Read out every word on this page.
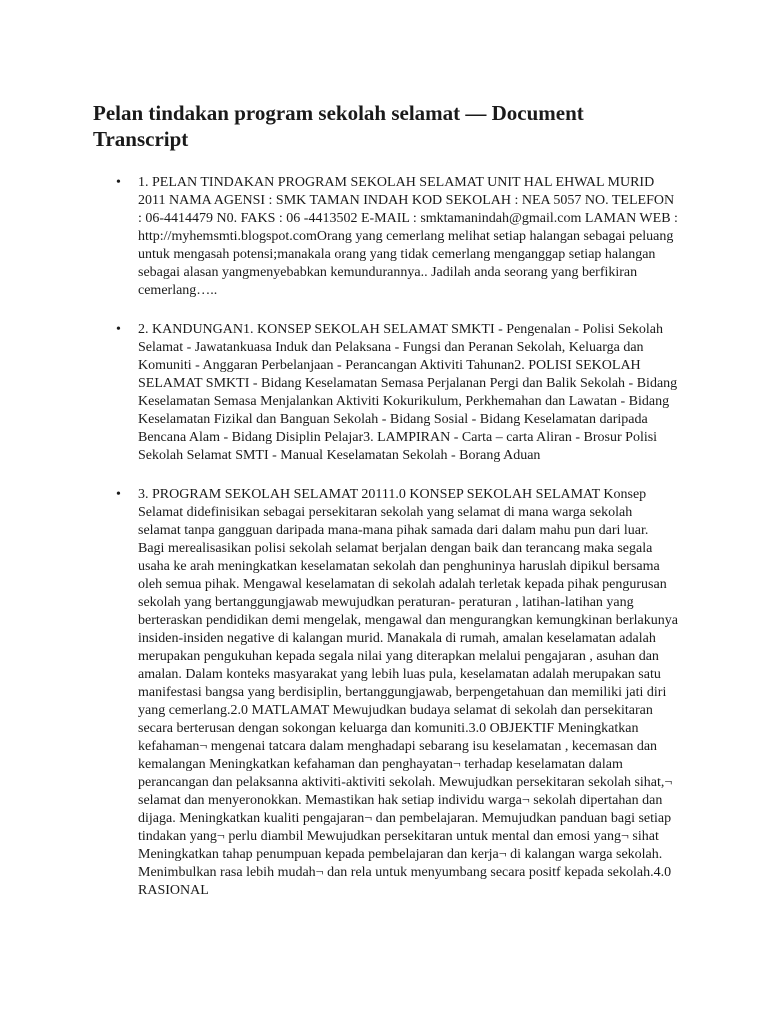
Pelan tindakan program sekolah selamat — Document Transcript
• 1. PELAN TINDAKAN PROGRAM SEKOLAH SELAMAT UNIT HAL EHWAL MURID 2011 NAMA AGENSI : SMK TAMAN INDAH KOD SEKOLAH : NEA 5057 NO. TELEFON : 06-4414479 N0. FAKS : 06 -4413502 E-MAIL : smktamanindah@gmail.com LAMAN WEB : http://myhemsmti.blogspot.comOrang yang cemerlang melihat setiap halangan sebagai peluang untuk mengasah potensi;manakala orang yang tidak cemerlang menganggap setiap halangan sebagai alasan yangmenyebabkan kemundurannya.. Jadilah anda seorang yang berfikiran cemerlang…..
• 2. KANDUNGAN1. KONSEP SEKOLAH SELAMAT SMKTI - Pengenalan - Polisi Sekolah Selamat - Jawatankuasa Induk dan Pelaksana - Fungsi dan Peranan Sekolah, Keluarga dan Komuniti - Anggaran Perbelanjaan - Perancangan Aktiviti Tahunan2. POLISI SEKOLAH SELAMAT SMKTI - Bidang Keselamatan Semasa Perjalanan Pergi dan Balik Sekolah - Bidang Keselamatan Semasa Menjalankan Aktiviti Kokurikulum, Perkhemahan dan Lawatan - Bidang Keselamatan Fizikal dan Banguan Sekolah - Bidang Sosial - Bidang Keselamatan daripada Bencana Alam - Bidang Disiplin Pelajar3. LAMPIRAN - Carta – carta Aliran - Brosur Polisi Sekolah Selamat SMTI - Manual Keselamatan Sekolah - Borang Aduan
• 3. PROGRAM SEKOLAH SELAMAT 20111.0 KONSEP SEKOLAH SELAMAT Konsep Selamat didefinisikan sebagai persekitaran sekolah yang selamat di mana warga sekolah selamat tanpa gangguan daripada mana-mana pihak samada dari dalam mahu pun dari luar. Bagi merealisasikan polisi sekolah selamat berjalan dengan baik dan terancang maka segala usaha ke arah meningkatkan keselamatan sekolah dan penghuninya haruslah dipikul bersama oleh semua pihak. Mengawal keselamatan di sekolah adalah terletak kepada pihak pengurusan sekolah yang bertanggungjawab mewujudkan peraturan- peraturan , latihan-latihan yang berteraskan pendidikan demi mengelak, mengawal dan mengurangkan kemungkinan berlakunya insiden-insiden negative di kalangan murid. Manakala di rumah, amalan keselamatan adalah merupakan pengukuhan kepada segala nilai yang diterapkan melalui pengajaran , asuhan dan amalan. Dalam konteks masyarakat yang lebih luas pula, keselamatan adalah merupakan satu manifestasi bangsa yang berdisiplin, bertanggungjawab, berpengetahuan dan memiliki jati diri yang cemerlang.2.0 MATLAMAT Mewujudkan budaya selamat di sekolah dan persekitaran secara berterusan dengan sokongan keluarga dan komuniti.3.0 OBJEKTIF Meningkatkan kefahaman¬ mengenai tatcara dalam menghadapi sebarang isu keselamatan , kecemasan dan kemalangan Meningkatkan kefahaman dan penghayatan¬ terhadap keselamatan dalam perancangan dan pelaksanna aktiviti-aktiviti sekolah. Mewujudkan persekitaran sekolah sihat,¬ selamat dan menyeronokkan. Memastikan hak setiap individu warga¬ sekolah dipertahan dan dijaga. Meningkatkan kualiti pengajaran¬ dan pembelajaran. Memujudkan panduan bagi setiap tindakan yang¬ perlu diambil Mewujudkan persekitaran untuk mental dan emosi yang¬ sihat Meningkatkan tahap penumpuan kepada pembelajaran dan kerja¬ di kalangan warga sekolah. Menimbulkan rasa lebih mudah¬ dan rela untuk menyumbang secara positf kepada sekolah.4.0 RASIONAL
